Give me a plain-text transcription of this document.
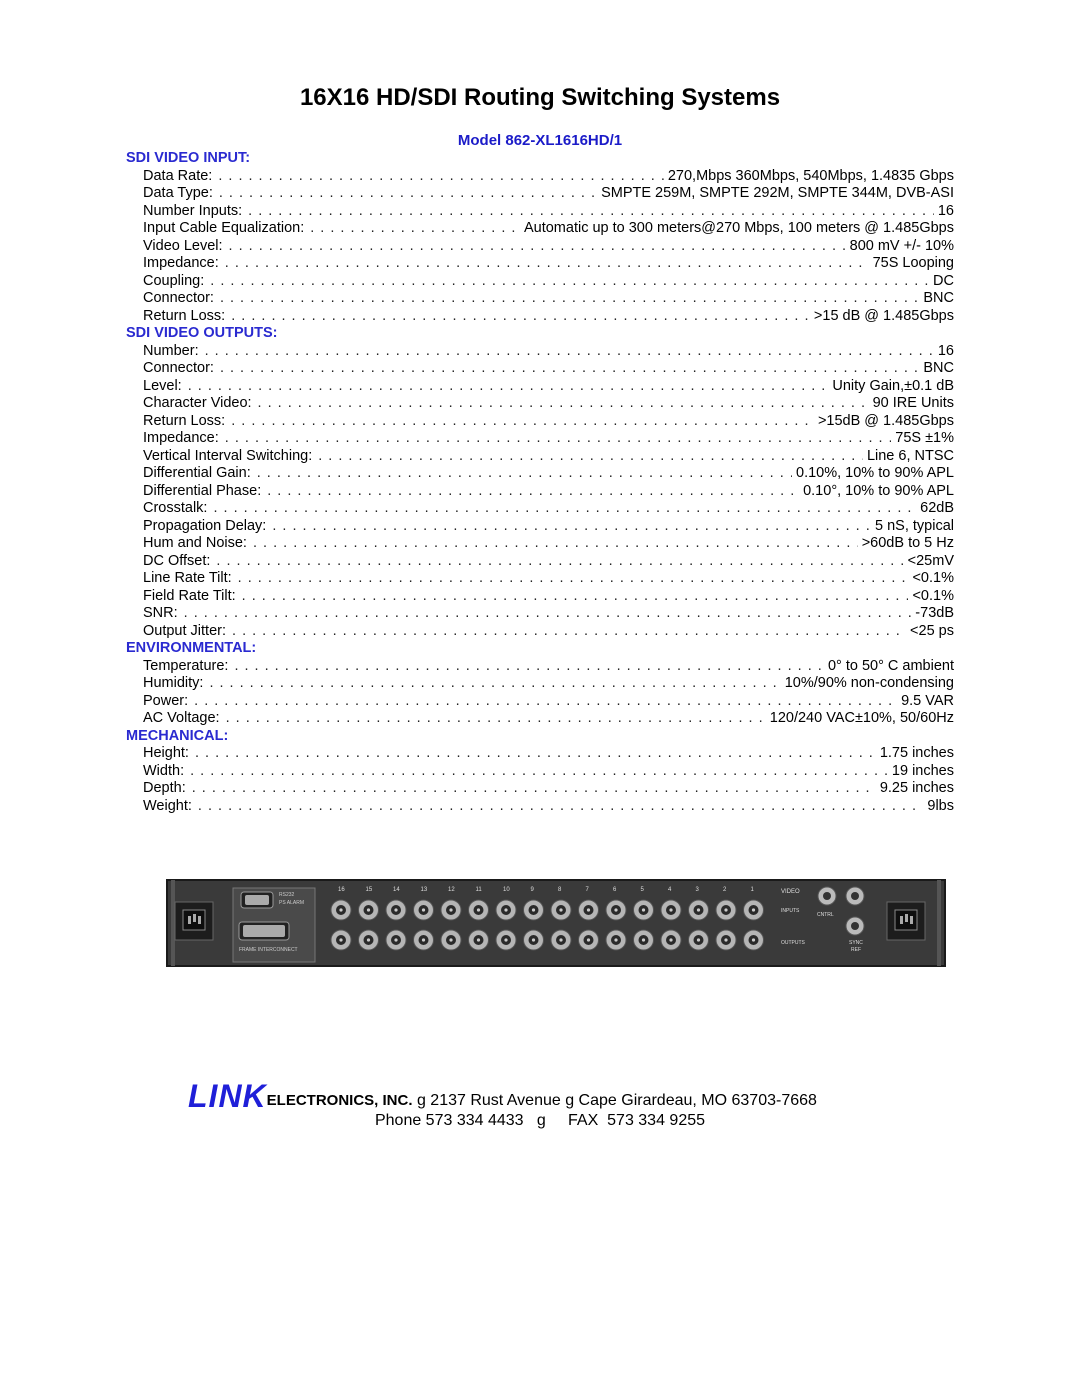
16X16 HD/SDI Routing Switching Systems
Model 862-XL1616HD/1
SDI VIDEO INPUT:
Data Rate: . . .	270,Mbps 360Mbps, 540Mbps, 1.4835 Gbps
Data Type: . . .	SMPTE 259M, SMPTE 292M, SMPTE 344M, DVB-ASI
Number Inputs: . . .	16
Input Cable Equalization: . . .	Automatic up to 300 meters@270 Mbps, 100 meters @ 1.485Gbps
Video Level: . . .	800 mV +/- 10%
Impedance: . . .	75S Looping
Coupling: . . .	DC
Connector: . . .	BNC
Return Loss: . . .	>15 dB @ 1.485Gbps
SDI VIDEO OUTPUTS:
Number: . . .	16
Connector: . . .	BNC
Level: . . .	Unity Gain,±0.1 dB
Character Video: . . .	90 IRE Units
Return Loss: . . .	>15dB @ 1.485Gbps
Impedance: . . .	75S ±1%
Vertical Interval Switching: . . .	Line 6, NTSC
Differential Gain: . . .	0.10%, 10% to 90% APL
Differential Phase: . . .	0.10°, 10% to 90% APL
Crosstalk: . . .	62dB
Propagation Delay: . . .	5 nS, typical
Hum and Noise: . . .	>60dB to 5 Hz
DC Offset: . . .	<25mV
Line Rate Tilt: . . .	<0.1%
Field Rate Tilt: . . .	<0.1%
SNR: . . .	-73dB
Output Jitter: . . .	<25 ps
ENVIRONMENTAL:
Temperature: . . .	0° to 50° C ambient
Humidity: . . .	10%/90% non-condensing
Power: . . .	9.5 VAR
AC Voltage: . . .	120/240 VAC±10%, 50/60Hz
MECHANICAL:
Height: . . .	1.75 inches
Width: . . .	19 inches
Depth: . . .	9.25 inches
Weight: . . .	9lbs
RS232
PS ALARM
FRAME INTERCONNECT
16	15	14	13	12	11	10	9	8	7	6	5	4	3	2	1	VIDEO
INPUTS
OUTPUTS
CNTRL
SYNC
REF
LINKELECTRONICS, INC. g 2137 Rust Avenue g Cape Girardeau, MO 63703-7668
Phone 573 334 4433   g     FAX  573 334 9255
